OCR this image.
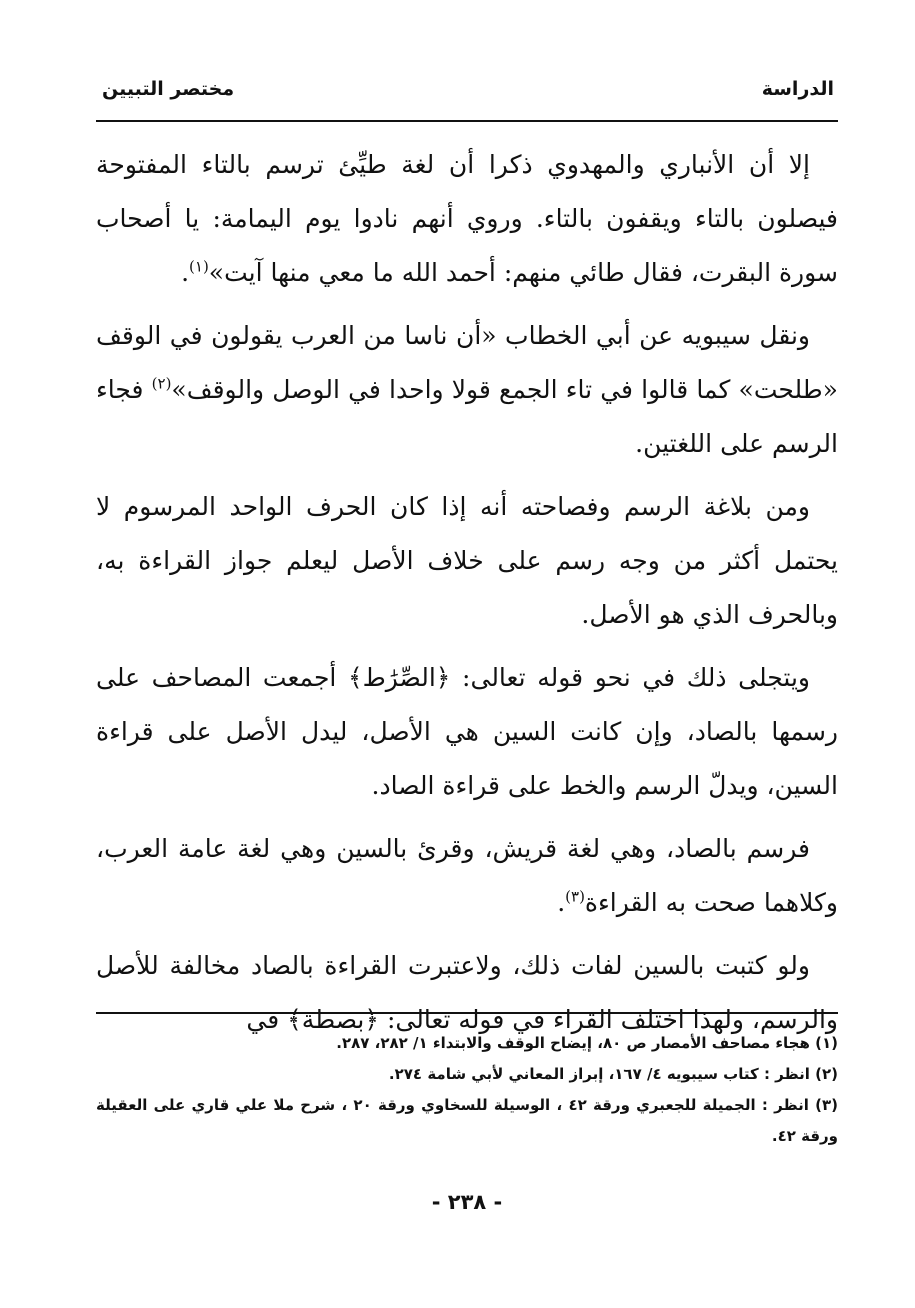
الدراسة
مختصر التبيين

إلا أن الأنباري والمهدوي ذكرا أن لغة طيِّئ ترسم بالتاء المفتوحة فيصلون بالتاء ويقفون بالتاء. وروي أنهم نادوا يوم اليمامة: يا أصحاب سورة البقرت، فقال طائي منهم: أحمد الله ما معي منها آيت»$^{(١)}$.

ونقل سيبويه عن أبي الخطاب «أن ناسا من العرب يقولون في الوقف «طلحت» كما قالوا في تاء الجمع قولا واحدا في الوصل والوقف»$^{(٢)}$ فجاء الرسم على اللغتين.

ومن بلاغة الرسم وفصاحته أنه إذا كان الحرف الواحد المرسوم لا يحتمل أكثر من وجه رسم على خلاف الأصل ليعلم جواز القراءة به، وبالحرف الذي هو الأصل.

ويتجلى ذلك في نحو قوله تعالى: ﴿الصِّرَٰط﴾ أجمعت المصاحف على رسمها بالصاد، وإن كانت السين هي الأصل، ليدل الأصل على قراءة السين، ويدلّ الرسم والخط على قراءة الصاد.

فرسم بالصاد، وهي لغة قريش، وقرئ بالسين وهي لغة عامة العرب، وكلاهما صحت به القراءة$^{(٣)}$.

ولو كتبت بالسين لفات ذلك، ولاعتبرت القراءة بالصاد مخالفة للأصل والرسم، ولهذا اختلف القراء في قوله تعالى: ﴿بصطة﴾ في

(١) هجاء مصاحف الأمصار ص ٨٠، إيضاح الوقف والابتداء ١/ ٢٨٢، ٢٨٧.

(٢) انظر : كتاب سيبويه ٤/ ١٦٧، إبراز المعاني لأبي شامة ٢٧٤.

(٣) انظر : الجميلة للجعبري ورقة ٤٢ ، الوسيلة للسخاوي ورقة ٢٠ ، شرح ملا علي قاري على العقيلة ورقة ٤٢.

- ٢٣٨ -
